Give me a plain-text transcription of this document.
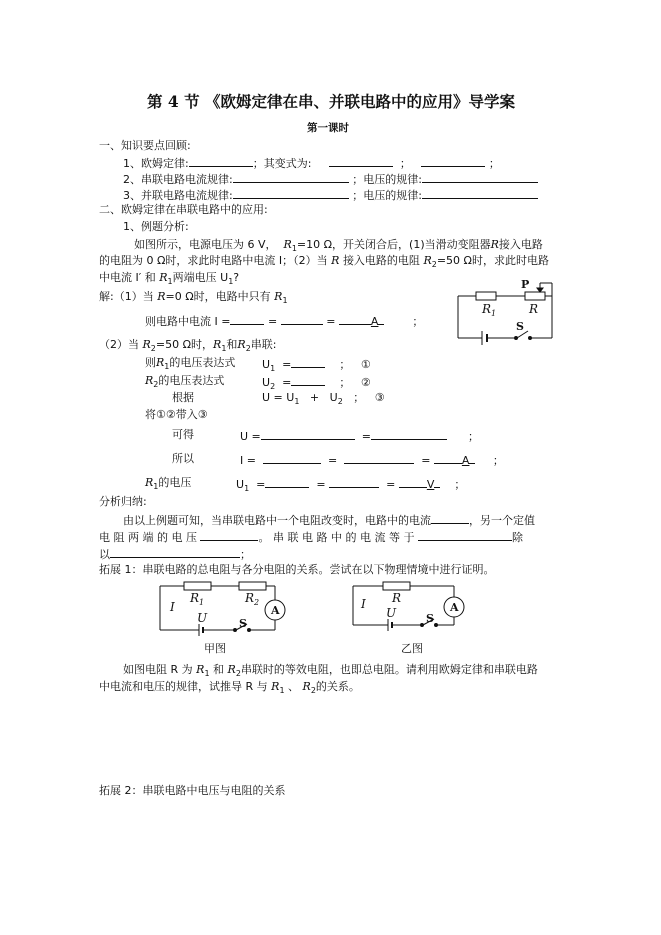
第 4 节 《欧姆定律在串、并联电路中的应用》导学案
第一课时
一、知识要点回顾:
1、欧姆定律:	；其变式为:	；	；
2、串联电路电流规律:	；电压的规律:
3、并联电路电流规律:	；电压的规律:
二、欧姆定律在串联电路中的应用:
1、例题分析:
如图所示，电源电压为 6 V， $R_1=10$ Ω，开关闭合后，(1)当滑动变阻器R接入电路
的电阻为 0 Ω时，求此时电路中电流 I；（2）当 R 接入电路的电阻 $R_2=50$ Ω时，求此时电路
中电流 I′ 和 $R_1$两端电压 $U_1$?
解:（1）当 R=0 Ω时，电路中只有 $R_1$
则电路中电流 I =	=	=	A	；
（2）当 $R_2=50$ Ω时，$R_1$和$R_2$串联:
则$R_1$的电压表达式 $U_1$ =	； ①
$R_2$的电压表达式	$U_2$ =	； ②
根据	$U = U_1 + U_2$ ； ③
将①②带入③
可得	U =	=	；
所以	I =	=	=	A ；
$R_1$的电压	$U_1$ =	=	=	V ；
分析归纳:
由以上例题可知，当串联电路中一个电阻改变时，电路中的电流	，另一个定值
电 阻 两 端 的 电 压	。 串 联 电 路 中 的 电 流 等 于	除
以	；
拓展 1：串联电路的总电阻与各分电阻的关系。尝试在以下物理情境中进行证明。
P
$R_1$	R
S
$R_1$	$R_2$
I
U	S
A
R
I
U	S
A
甲图	乙图
如图电阻 R 为 $R_1$ 和 $R_2$串联时的等效电阻，也即总电阻。请利用欧姆定律和串联电路
中电流和电压的规律，试推导 R 与 $R_1$ 、 $R_2$的关系。
拓展 2：串联电路中电压与电阻的关系
